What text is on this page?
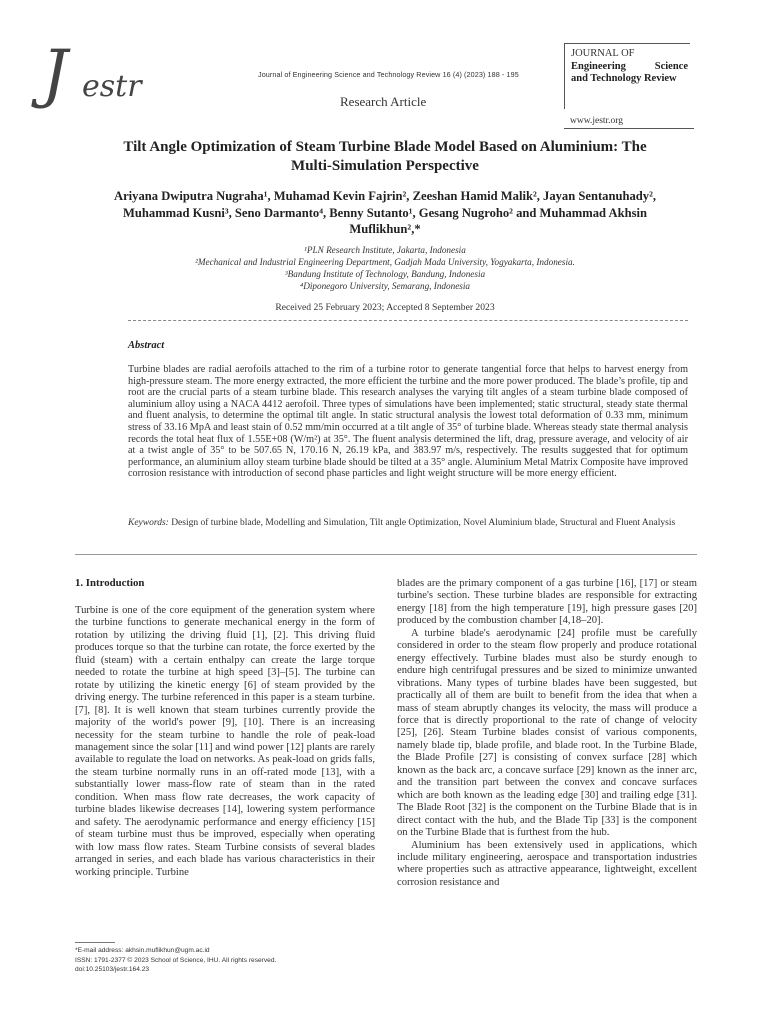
J estr	Journal of Engineering Science and Technology Review 16 (4) (2023) 188 - 195
Research Article
JOURNAL OF
Science
Engineering
and Technology Review
www.jestr.org
Tilt Angle Optimization of Steam Turbine Blade Model Based on Aluminium: The Multi-Simulation Perspective
Ariyana Dwiputra Nugraha¹, Muhamad Kevin Fajrin², Zeeshan Hamid Malik², Jayan Sentanuhady², Muhammad Kusni³, Seno Darmanto⁴, Benny Sutanto¹, Gesang Nugroho² and Muhammad Akhsin Muflikhun²,*
¹PLN Research Institute, Jakarta, Indonesia
²Mechanical and Industrial Engineering Department, Gadjah Mada University, Yogyakarta, Indonesia.
³Bandung Institute of Technology, Bandung, Indonesia
⁴Diponegoro University, Semarang, Indonesia
Received 25 February 2023; Accepted 8 September 2023
Abstract
Turbine blades are radial aerofoils attached to the rim of a turbine rotor to generate tangential force that helps to harvest energy from high-pressure steam. The more energy extracted, the more efficient the turbine and the more power produced. The blade’s profile, tip and root are the crucial parts of a steam turbine blade. This research analyses the varying tilt angles of a steam turbine blade composed of aluminium alloy using a NACA 4412 aerofoil. Three types of simulations have been implemented; static structural, steady state thermal and fluent analysis, to determine the optimal tilt angle. In static structural analysis the lowest total deformation of 0.33 mm, minimum stress of 33.16 MpA and least stain of 0.52 mm/min occurred at a tilt angle of 35° of turbine blade. Whereas steady state thermal analysis records the total heat flux of 1.55E+08 (W/m²) at 35°. The fluent analysis determined the lift, drag, pressure average, and velocity of air at a twist angle of 35° to be 507.65 N, 170.16 N, 26.19 kPa, and 383.97 m/s, respectively. The results suggested that for optimum performance, an aluminium alloy steam turbine blade should be tilted at a 35° angle. Aluminium Metal Matrix Composite have improved corrosion resistance with introduction of second phase particles and light weight structure will be more energy efficient.
Keywords: Design of turbine blade, Modelling and Simulation, Tilt angle Optimization, Novel Aluminium blade, Structural and Fluent Analysis
1. Introduction

Turbine is one of the core equipment of the generation system where the turbine functions to generate mechanical energy in the form of rotation by utilizing the driving fluid [1], [2]. This driving fluid produces torque so that the turbine can rotate, the force exerted by the fluid (steam) with a certain enthalpy can create the large torque needed to rotate the turbine at high speed [3]–[5]. The turbine can rotate by utilizing the kinetic energy [6] of steam provided by the driving energy. The turbine referenced in this paper is a steam turbine. [7], [8]. It is well known that steam turbines currently provide the majority of the world's power [9], [10]. There is an increasing necessity for the steam turbine to handle the role of peak-load management since the solar [11] and wind power [12] plants are rarely available to regulate the load on networks. As peak-load on grids falls, the steam turbine normally runs in an off-rated mode [13], with a substantially lower mass-flow rate of steam than in the rated condition. When mass flow rate decreases, the work capacity of turbine blades likewise decreases [14], lowering system performance and safety. The aerodynamic performance and energy efficiency [15] of steam turbine must thus be improved, especially when operating with low mass flow rates. Steam Turbine consists of several blades arranged in series, and each blade has various characteristics in their working principle. Turbine

blades are the primary component of a gas turbine [16], [17] or steam turbine's section. These turbine blades are responsible for extracting energy [18] from the high temperature [19], high pressure gases [20] produced by the combustion chamber [4,18–20].

A turbine blade's aerodynamic [24] profile must be carefully considered in order to the steam flow properly and produce rotational energy effectively. Turbine blades must also be sturdy enough to endure high centrifugal pressures and be sized to minimize unwanted vibrations. Many types of turbine blades have been suggested, but practically all of them are built to benefit from the idea that when a mass of steam abruptly changes its velocity, the mass will produce a force that is directly proportional to the rate of change of velocity [25], [26]. Steam Turbine blades consist of various components, namely blade tip, blade profile, and blade root. In the Turbine Blade, the Blade Profile [27] is consisting of convex surface [28] which known as the back arc, a concave surface [29] known as the inner arc, and the transition part between the convex and concave surfaces which are both known as the leading edge [30] and trailing edge [31]. The Blade Root [32] is the component on the Turbine Blade that is in direct contact with the hub, and the Blade Tip [33] is the component on the Turbine Blade that is furthest from the hub.

Aluminium has been extensively used in applications, which include military engineering, aerospace and transportation industries where properties such as attractive appearance, lightweight, excellent corrosion resistance and

*E-mail address: akhsin.muflikhun@ugm.ac.id
ISSN: 1791-2377 © 2023 School of Science, IHU. All rights reserved.
doi:10.25103/jestr.164.23
